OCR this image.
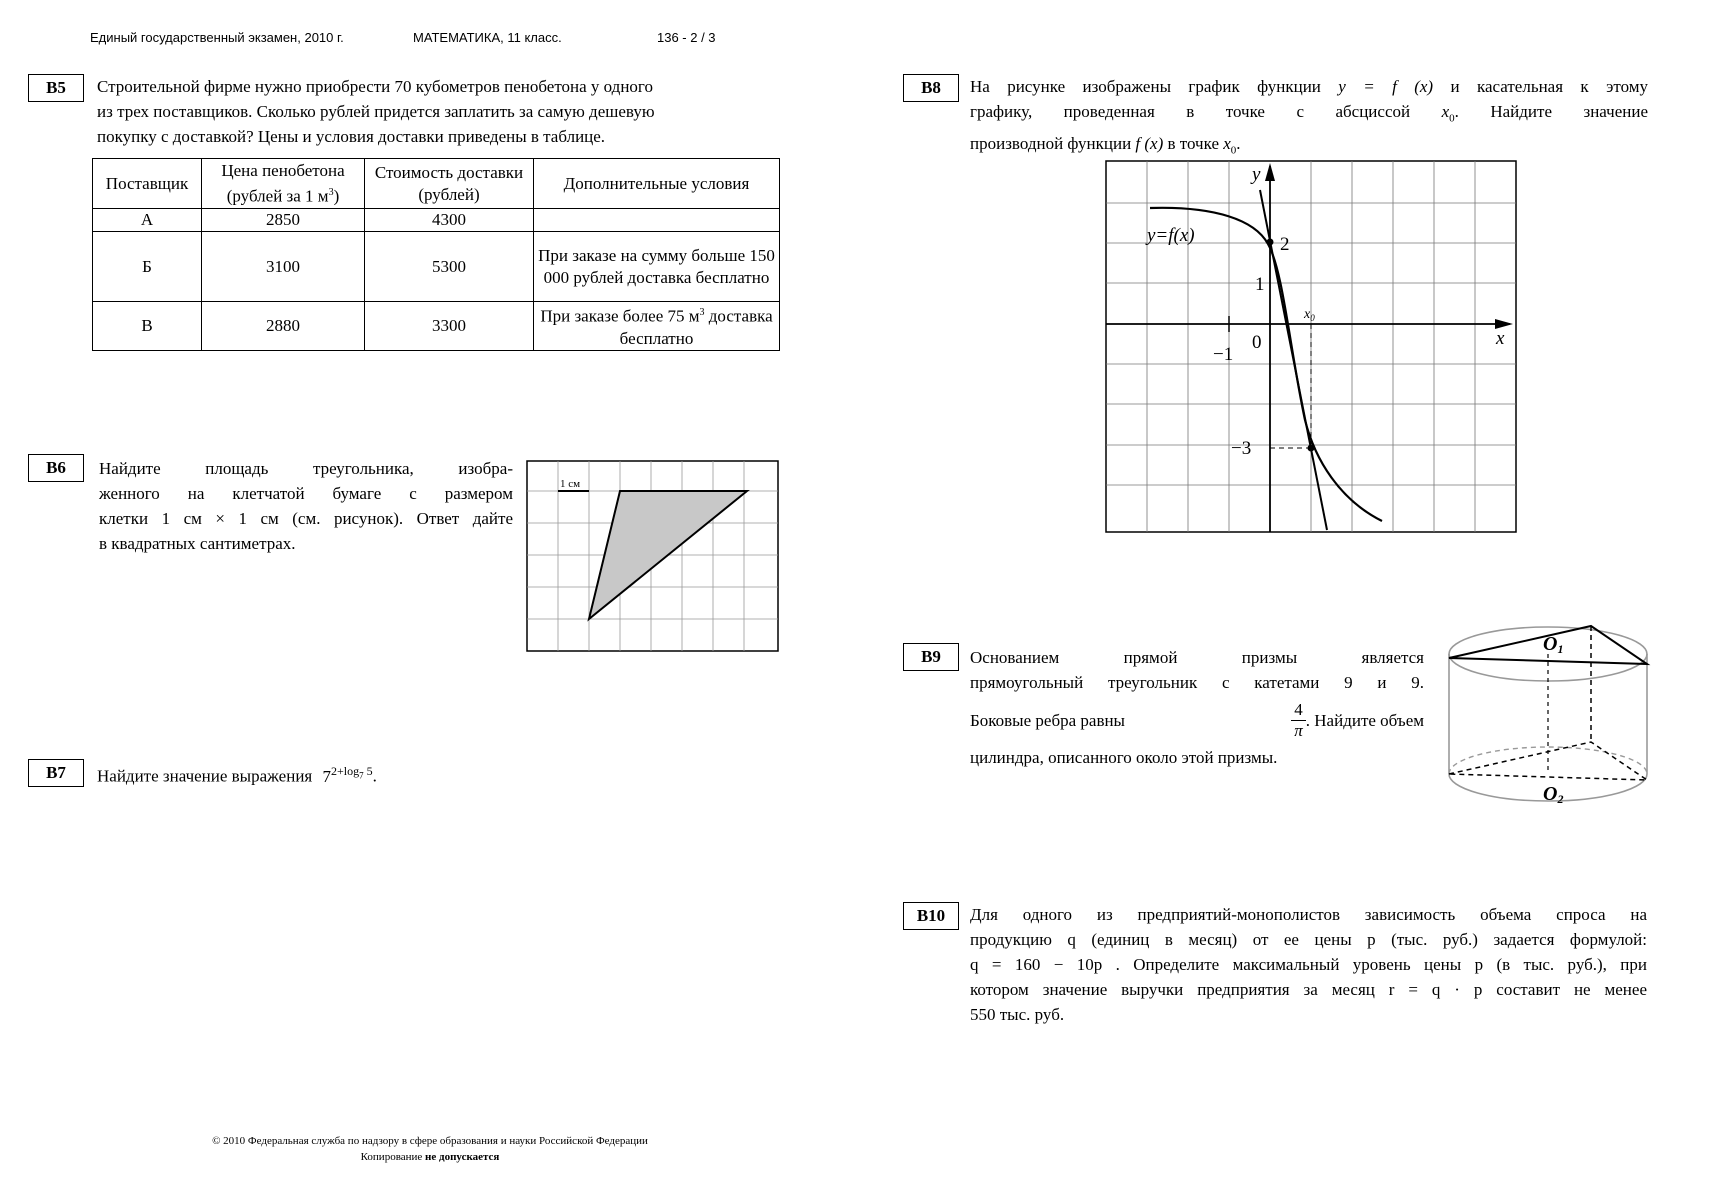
Единый государственный экзамен, 2010 г.	МАТЕМАТИКА, 11 класс.	136 - 2 / 3
B5	Строительной фирме нужно приобрести 70 кубометров пенобетона у одного
из трех поставщиков. Сколько рублей придется заплатить за самую дешевую
покупку с доставкой? Цены и условия доставки приведены в таблице.
Поставщик	Цена пенобетона (рублей за 1 $м^3$)	Стоимость доставки (рублей)	Дополнительные условия
А	2850	4300	
Б	3100	5300	При заказе на сумму больше 150 000 рублей доставка бесплатно
В	2880	3300	При заказе более 75 $м^3$ доставка бесплатно
B6	Найдите площадь треугольника, изобра-
женного на клетчатой бумаге с размером
клетки 1 см × 1 см (см. рисунок). Ответ дайте
в квадратных сантиметрах.
1 см
B7	Найдите значение выражения $7^{2+log_7 5}$.
B8	На рисунке изображены график функции y = f (x) и касательная к этому
графику, проведенная в точке с абсциссой $x_0$. Найдите значение
производной функции f (x) в точке $x_0$.
y
x
y=f(x)	2
1
0
−1
−3
$x_0$
B9	Основанием прямой призмы является
прямоугольный треугольник с катетами 9 и 9.
Боковые ребра равны	$\frac{4}{\pi}$ . Найдите объем
цилиндра, описанного около этой призмы.
O1
O2
B10	Для одного из предприятий-монополистов зависимость объема спроса на
продукцию q (единиц в месяц) от ее цены p (тыс. руб.) задается формулой:
q = 160 − 10p . Определите максимальный уровень цены p (в тыс. руб.), при
котором значение выручки предприятия за месяц r = q · p составит не менее
550 тыс. руб.
© 2010 Федеральная служба по надзору в сфере образования и науки Российской Федерации
Копирование не допускается
